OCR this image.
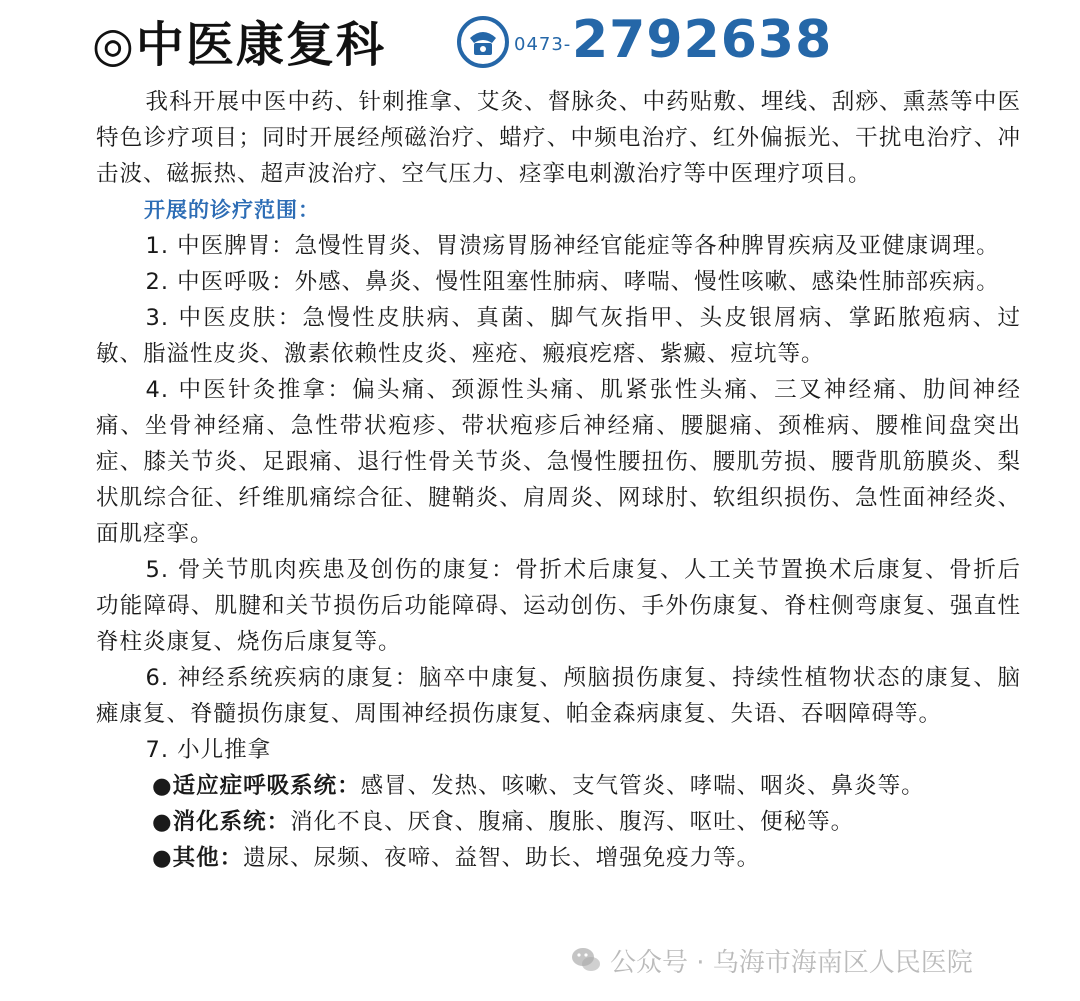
◎中医康复科	0473- 2792638

我科开展中医中药、针刺推拿、艾灸、督脉灸、中药贴敷、埋线、刮痧、熏蒸等中医特色诊疗项目；同时开展经颅磁治疗、蜡疗、中频电治疗、红外偏振光、干扰电治疗、冲击波、磁振热、超声波治疗、空气压力、痉挛电刺激治疗等中医理疗项目。

开展的诊疗范围：

1. 中医脾胃：急慢性胃炎、胃溃疡胃肠神经官能症等各种脾胃疾病及亚健康调理。

2. 中医呼吸：外感、鼻炎、慢性阻塞性肺病、哮喘、慢性咳嗽、感染性肺部疾病。

3. 中医皮肤：急慢性皮肤病、真菌、脚气灰指甲、头皮银屑病、掌跖脓疱病、过敏、脂溢性皮炎、激素依赖性皮炎、痤疮、瘢痕疙瘩、紫癜、痘坑等。

4. 中医针灸推拿：偏头痛、颈源性头痛、肌紧张性头痛、三叉神经痛、肋间神经痛、坐骨神经痛、急性带状疱疹、带状疱疹后神经痛、腰腿痛、颈椎病、腰椎间盘突出症、膝关节炎、足跟痛、退行性骨关节炎、急慢性腰扭伤、腰肌劳损、腰背肌筋膜炎、梨状肌综合征、纤维肌痛综合征、腱鞘炎、肩周炎、网球肘、软组织损伤、急性面神经炎、面肌痉挛。

5. 骨关节肌肉疾患及创伤的康复：骨折术后康复、人工关节置换术后康复、骨折后功能障碍、肌腱和关节损伤后功能障碍、运动创伤、手外伤康复、脊柱侧弯康复、强直性脊柱炎康复、烧伤后康复等。

6. 神经系统疾病的康复：脑卒中康复、颅脑损伤康复、持续性植物状态的康复、脑瘫康复、脊髓损伤康复、周围神经损伤康复、帕金森病康复、失语、吞咽障碍等。

7. 小儿推拿

●适应症呼吸系统：感冒、发热、咳嗽、支气管炎、哮喘、咽炎、鼻炎等。
●消化系统：消化不良、厌食、腹痛、腹胀、腹泻、呕吐、便秘等。
●其他：遗尿、尿频、夜啼、益智、助长、增强免疫力等。
公众号 · 乌海市海南区人民医院
